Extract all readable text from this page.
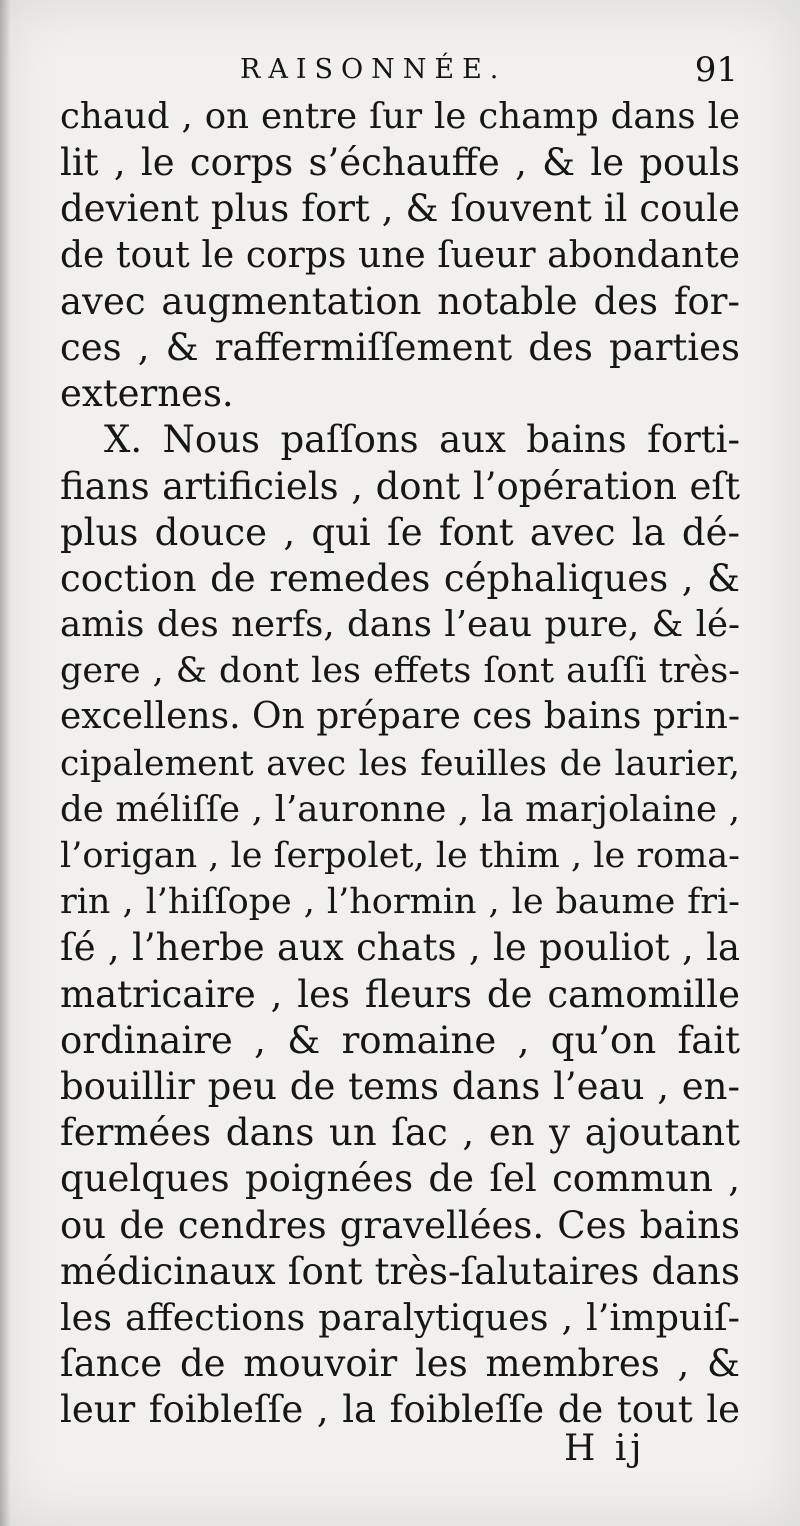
RAISONNÉE.	91
chaud , on entre ſur le champ dans le
lit , le corps s’échauffe , & le pouls
devient plus fort , & ſouvent il coule
de tout le corps une ſueur abondante
avec augmentation notable des for-
ces , & raffermiſſement des parties
externes.
X. Nous paſſons aux bains forti-
fians artificiels , dont l’opération eſt
plus douce , qui ſe font avec la dé-
coction de remedes céphaliques , &
amis des nerfs, dans l’eau pure, & lé-
gere , & dont les effets ſont auſſi très-
excellens. On prépare ces bains prin-
cipalement avec les feuilles de laurier,
de méliſſe , l’auronne , la marjolaine ,
l’origan , le ſerpolet, le thim , le roma-
rin , l’hiſſope , l’hormin , le baume fri-
ſé , l’herbe aux chats , le pouliot , la
matricaire , les fleurs de camomille
ordinaire , & romaine , qu’on fait
bouillir peu de tems dans l’eau , en-
fermées dans un ſac , en y ajoutant
quelques poignées de ſel commun ,
ou de cendres gravellées. Ces bains
médicinaux ſont très-ſalutaires dans
les affections paralytiques , l’impuiſ-
ſance de mouvoir les membres , &
leur foibleſſe , la foibleſſe de tout le
H ij
